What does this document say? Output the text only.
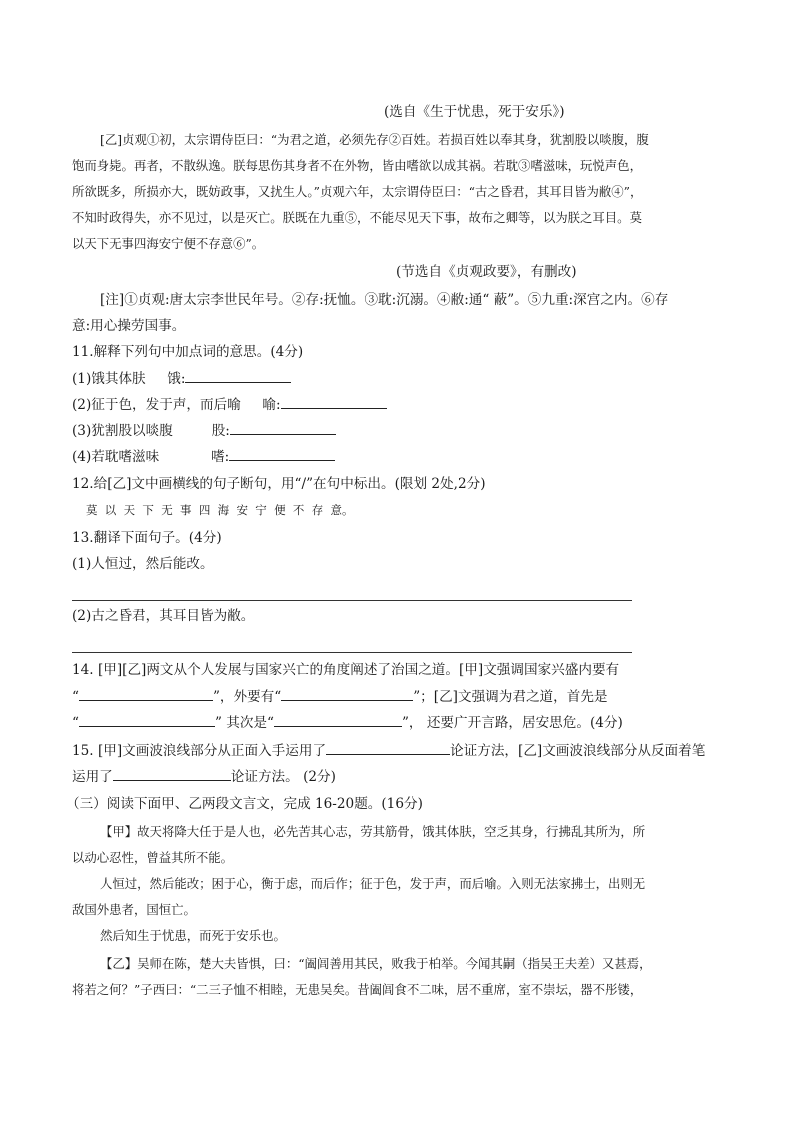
(选自《生于忧患，死于安乐》)
[乙]贞观①初，太宗谓侍臣曰：“为君之道，必须先存②百姓。若损百姓以奉其身，犹割股以啖腹，腹
饱而身毙。再者，不散纵逸。朕每思伤其身者不在外物，皆由嗜欲以成其祸。若耽③嗜滋味，玩悦声色，
所欲既多，所损亦大，既妨政事，又扰生人。”贞观六年，太宗谓侍臣曰：“古之昏君，其耳目皆为敝④”，
不知时政得失，亦不见过，以是灭亡。朕既在九重⑤，不能尽见天下事，故布之卿等，以为朕之耳目。莫
以天下无事四海安宁便不存意⑥”。
(节选自《贞观政要》，有删改)
[注]①贞观:唐太宗李世民年号。②存:抚恤。③耽:沉溺。④敝:通“ 蔽”。⑤九重:深宫之内。⑥存
意:用心操劳国事。
11.解释下列句中加点词的意思。(4分)
(1)饿其体肤 饿:
(2)征于色，发于声，而后喻 喻:
(3)犹割股以啖腹	股:
(4)若耽嗜滋味	嗜:
12.给[乙]文中画横线的句子断句，用“/”在句中标出。(限划 2处,2分)
莫  以  天  下  无  事  四  海  安  宁  便  不  存  意。
13.翻译下面句子。(4分)
(1)人恒过，然后能改。
(2)古之昏君，其耳目皆为敝。
14. [甲][乙]两文从个人发展与国家兴亡的角度阐述了治国之道。[甲]文强调国家兴盛内要有
“	”，外要有“	”；[乙]文强调为君之道，首先是
“	” 其次是“	”， 还要广开言路，居安思危。(4分)
15. [甲]文画波浪线部分从正面入手运用了	论证方法，[乙]文画波浪线部分从反面着笔
运用了	论证方法。 (2分)
（三）阅读下面甲、乙两段文言文，完成 16-20题。(16分)
【甲】故天将降大任于是人也，必先苦其心志，劳其筋骨，饿其体肤，空乏其身，行拂乱其所为，所
以动心忍性，曾益其所不能。
人恒过，然后能改；困于心，衡于虑，而后作；征于色，发于声，而后喻。入则无法家拂士，出则无
敌国外患者，国恒亡。
然后知生于忧患，而死于安乐也。
【乙】吴师在陈，楚大夫皆惧，曰：“阖闾善用其民，败我于柏举。今闻其嗣（指吴王夫差）又甚焉，
将若之何？”子西曰：“二三子恤不相睦，无患吴矣。昔阖闾食不二味，居不重席，室不崇坛，器不彤镂，
